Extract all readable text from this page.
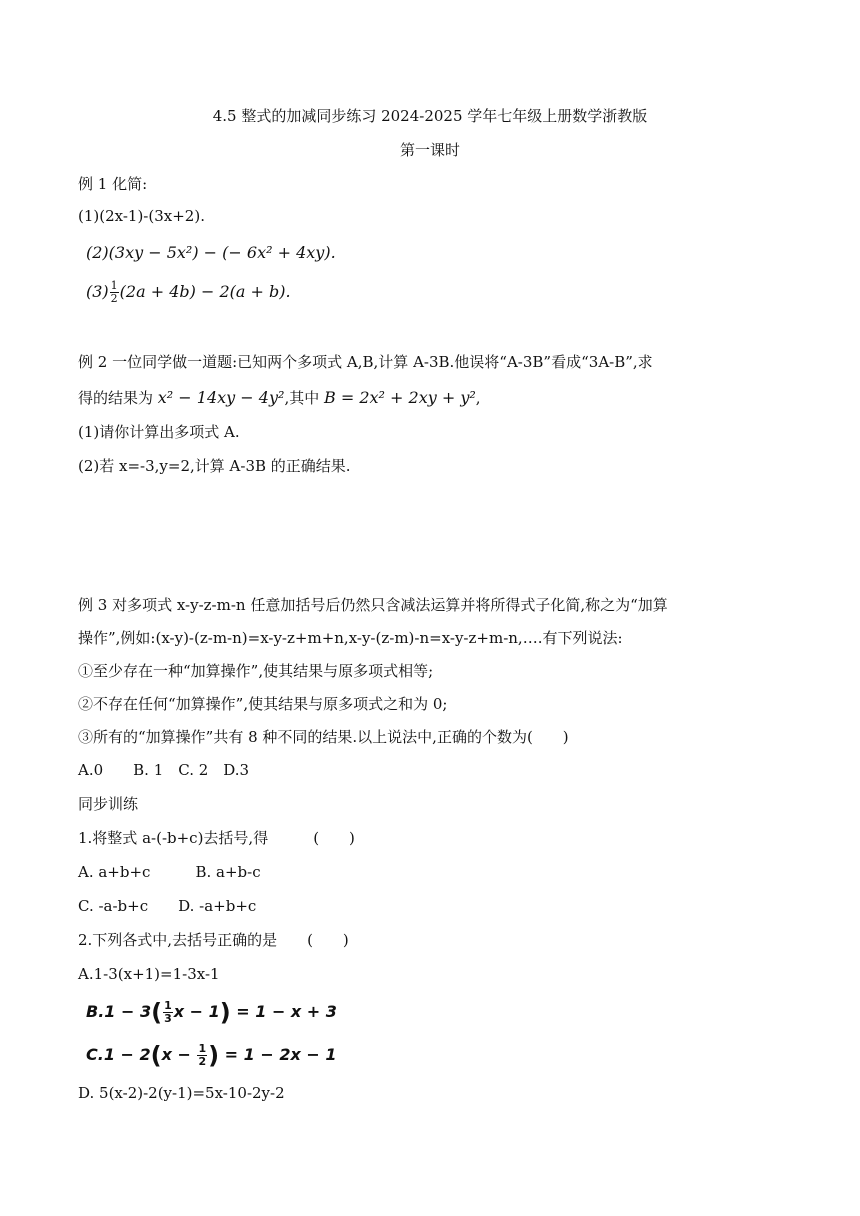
4.5 整式的加减同步练习 2024-2025 学年七年级上册数学浙教版
第一课时
例 1 化简:
(1)(2x-1)-(3x+2).
(2)(3xy − 5x²) − (− 6x² + 4xy).
$(3) \frac{1}{2} (2a + 4b) - 2(a + b)$.
例 2 一位同学做一道题:已知两个多项式 A,B,计算 A-3B.他误将“A-3B”看成“3A-B”,求
得的结果为 x² − 14xy − 4y²,其中 B = 2x² + 2xy + y²,
(1)请你计算出多项式 A.
(2)若 x=-3,y=2,计算 A-3B 的正确结果.
例 3 对多项式 x-y-z-m-n 任意加括号后仍然只含减法运算并将所得式子化简,称之为“加算
操作”,例如:(x-y)-(z-m-n)=x-y-z+m+n,x-y-(z-m)-n=x-y-z+m-n,….有下列说法:
①至少存在一种“加算操作”,使其结果与原多项式相等;
②不存在任何“加算操作”,使其结果与原多项式之和为 0;
③所有的“加算操作”共有 8 种不同的结果.以上说法中,正确的个数为(　　)
A.0　　B. 1　C. 2　D.3
同步训练
1.将整式 a-(-b+c)去括号,得　　　(　　)
A. a+b+c　　　B. a+b-c
C. -a-b+c　　D. -a+b+c
2.下列各式中,去括号正确的是　　(　　)
A.1-3(x+1)=1-3x-1
$B.1 - 3( \frac{1}{3}$ x − 1) = 1 − x + 3
$C.1 - 2(x - \frac{1}{2}$ ) = 1 − 2x − 1
D. 5(x-2)-2(y-1)=5x-10-2y-2
